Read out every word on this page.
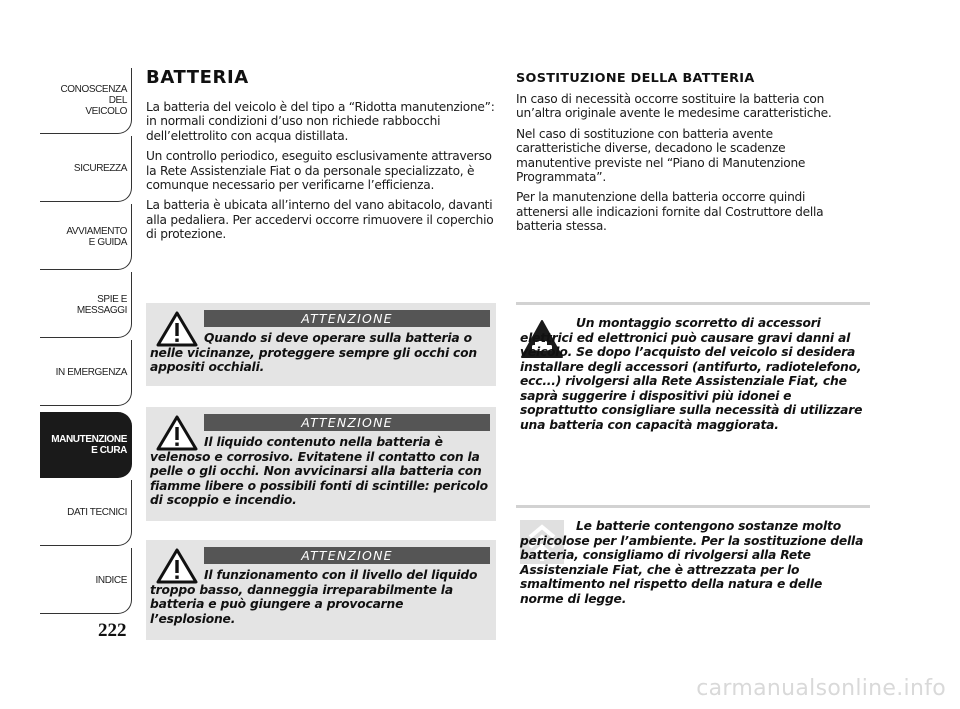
CONOSCENZA
DEL
VEICOLO
SICUREZZA
AVVIAMENTO
E GUIDA
SPIE E
MESSAGGI
IN EMERGENZA
MANUTENZIONE
E CURA
DATI TECNICI
INDICE
222
BATTERIA

La batteria del veicolo è del tipo a “Ridotta manutenzione”: in normali condizioni d’uso non richiede rabbocchi dell’elettrolito con acqua distillata.

Un controllo periodico, eseguito esclusivamente attraverso la Rete Assistenziale Fiat o da personale specializzato, è comunque necessario per verificarne l’efficienza.

La batteria è ubicata all’interno del vano abitacolo, davanti alla pedaliera. Per accedervi occorre rimuovere il coperchio di protezione.

ATTENZIONE
Quando si deve operare sulla batteria o nelle vicinanze, proteggere sempre gli occhi con appositi occhiali.
ATTENZIONE
Il liquido contenuto nella batteria è velenoso e corrosivo. Evitatene il contatto con la pelle o gli occhi. Non avvicinarsi alla batteria con fiamme libere o possibili fonti di scintille: pericolo di scoppio e incendio.
ATTENZIONE
Il funzionamento con il livello del liquido troppo basso, danneggia irreparabilmente la batteria e può giungere a provocarne l’esplosione.
SOSTITUZIONE DELLA BATTERIA

In caso di necessità occorre sostituire la batteria con un’altra originale avente le medesime caratteristiche.

Nel caso di sostituzione con batteria avente caratteristiche diverse, decadono le scadenze manutentive previste nel “Piano di Manutenzione Programmata”.

Per la manutenzione della batteria occorre quindi attenersi alle indicazioni fornite dal Costruttore della batteria stessa.

Un montaggio scorretto di accessori elettrici ed elettronici può causare gravi danni al veicolo. Se dopo l’acquisto del veicolo si desidera installare degli accessori (antifurto, radiotelefono, ecc...) rivolgersi alla Rete Assistenziale Fiat, che saprà suggerire i dispositivi più idonei e soprattutto consigliare sulla necessità di utilizzare una batteria con capacità maggiorata.
Le batterie contengono sostanze molto pericolose per l’ambiente. Per la sostituzione della batteria, consigliamo di rivolgersi alla Rete Assistenziale Fiat, che è attrezzata per lo smaltimento nel rispetto della natura e delle norme di legge.
carmanualsonline.info
